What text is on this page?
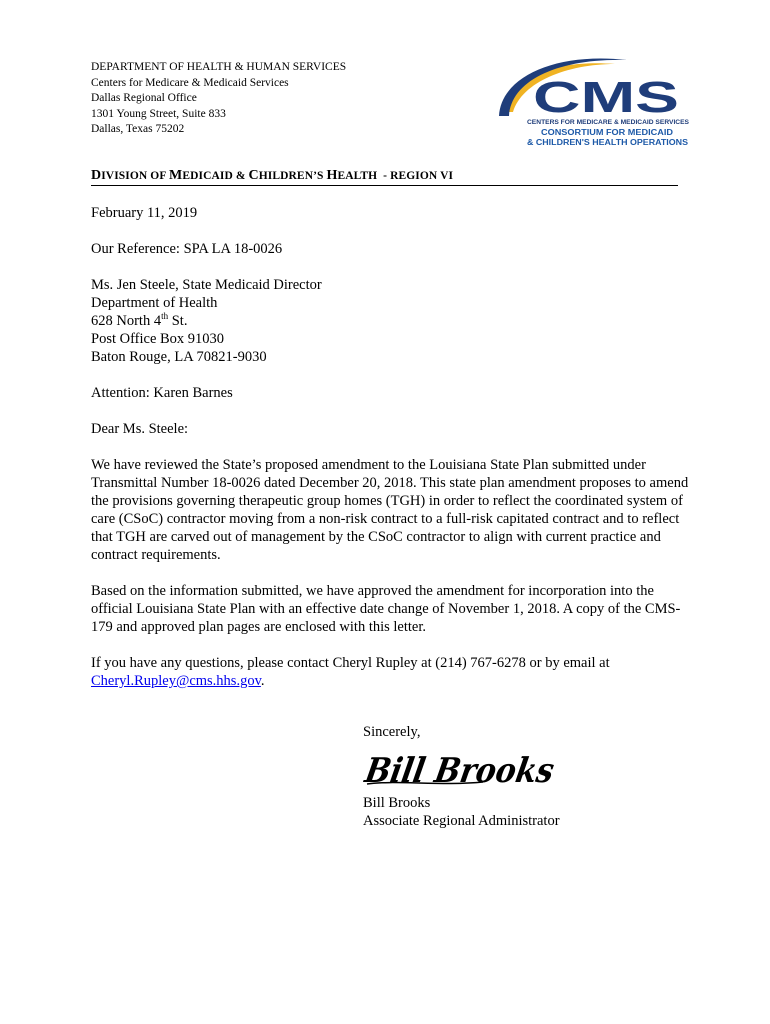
DEPARTMENT OF HEALTH & HUMAN SERVICES
Centers for Medicare & Medicaid Services
Dallas Regional Office
1301 Young Street, Suite 833
Dallas, Texas 75202
CMS
CENTERS FOR MEDICARE & MEDICAID SERVICES
CONSORTIUM FOR MEDICAID
& CHILDREN'S HEALTH OPERATIONS
DIVISION OF MEDICAID & CHILDREN’S HEALTH - REGION VI

February 11, 2019

Our Reference: SPA LA 18-0026

Ms. Jen Steele, State Medicaid Director
Department of Health
628 North 4th St.
Post Office Box 91030
Baton Rouge, LA 70821-9030

Attention: Karen Barnes

Dear Ms. Steele:

We have reviewed the State’s proposed amendment to the Louisiana State Plan submitted under Transmittal Number 18-0026 dated December 20, 2018. This state plan amendment proposes to amend the provisions governing therapeutic group homes (TGH) in order to reflect the coordinated system of care (CSoC) contractor moving from a non-risk contract to a full-risk capitated contract and to reflect that TGH are carved out of management by the CSoC contractor to align with current practice and contract requirements.

Based on the information submitted, we have approved the amendment for incorporation into the official Louisiana State Plan with an effective date change of November 1, 2018. A copy of the CMS-179 and approved plan pages are enclosed with this letter.

If you have any questions, please contact Cheryl Rupley at (214) 767-6278 or by email at
Cheryl.Rupley@cms.hhs.gov.

Sincerely,
Bill Brooks
Bill Brooks
Associate Regional Administrator
